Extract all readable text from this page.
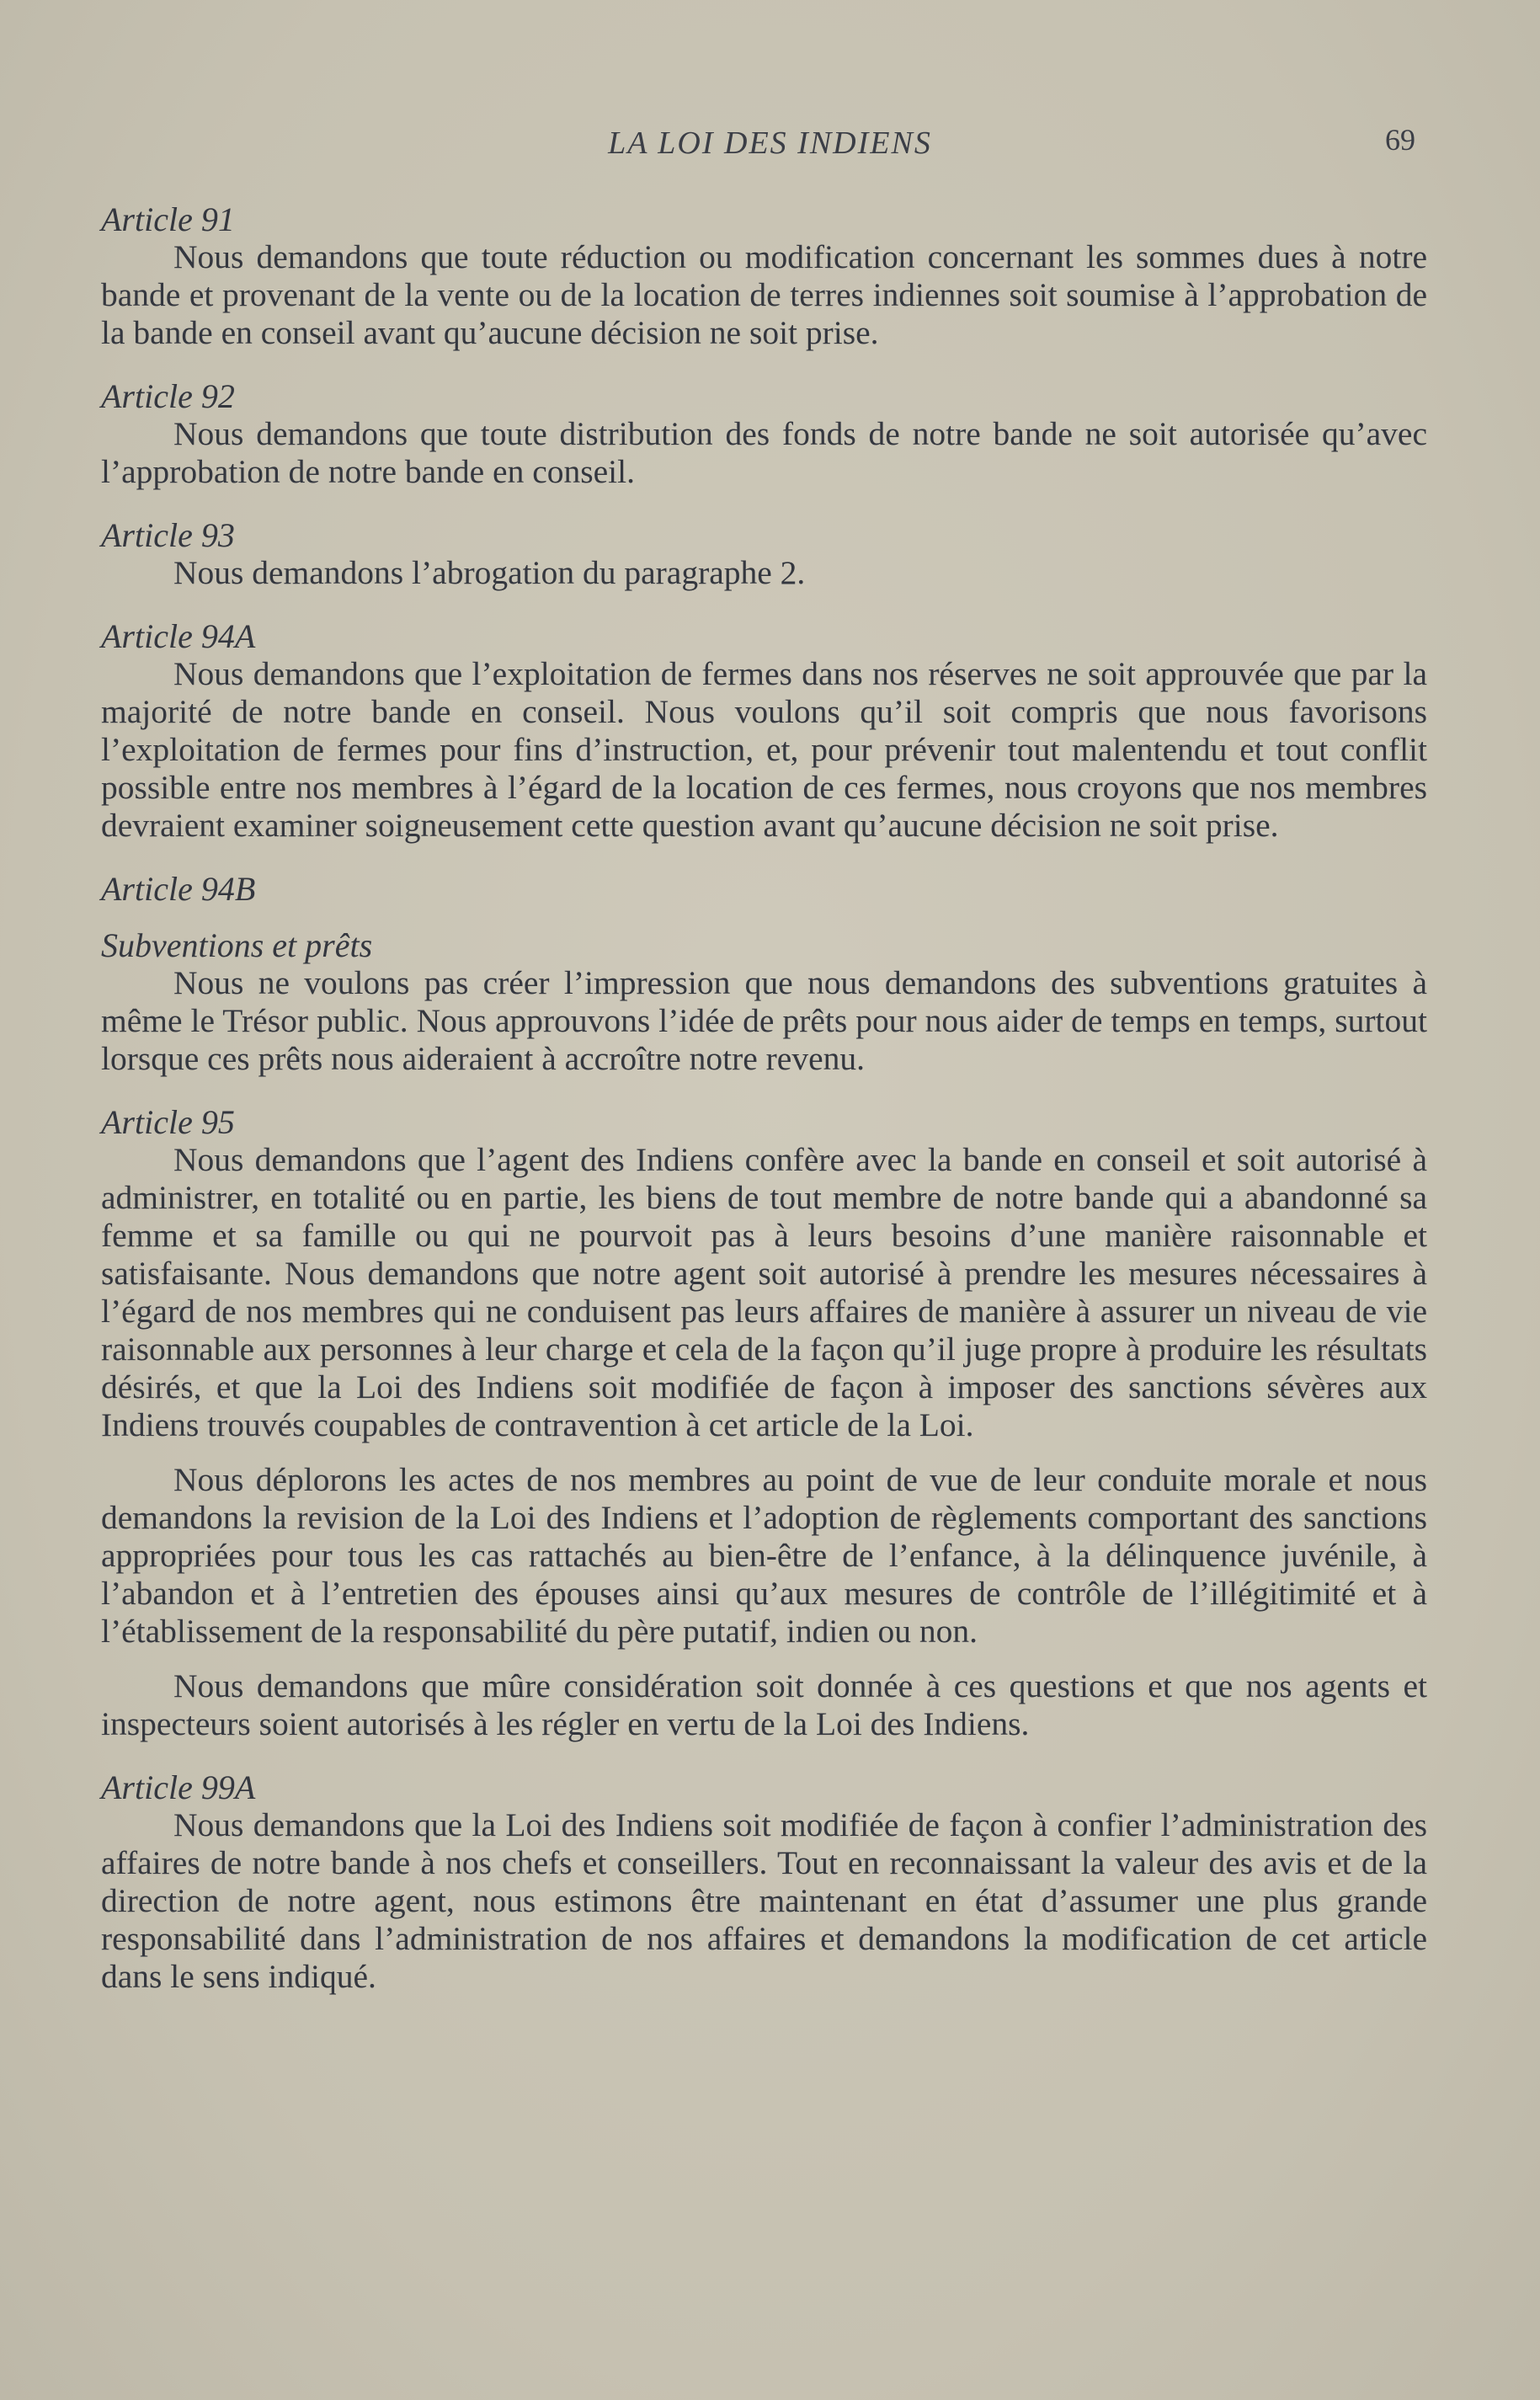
LA LOI DES INDIENS	69

Article 91

Nous demandons que toute réduction ou modification concernant les sommes dues à notre bande et provenant de la vente ou de la location de terres indiennes soit soumise à l’approbation de la bande en conseil avant qu’aucune décision ne soit prise.

Article 92

Nous demandons que toute distribution des fonds de notre bande ne soit autorisée qu’avec l’approbation de notre bande en conseil.

Article 93

Nous demandons l’abrogation du paragraphe 2.

Article 94A

Nous demandons que l’exploitation de fermes dans nos réserves ne soit approuvée que par la majorité de notre bande en conseil. Nous voulons qu’il soit compris que nous favorisons l’exploitation de fermes pour fins d’instruction, et, pour prévenir tout malentendu et tout conflit possible entre nos membres à l’égard de la location de ces fermes, nous croyons que nos membres devraient examiner soigneusement cette question avant qu’aucune décision ne soit prise.

Article 94B

Subventions et prêts

Nous ne voulons pas créer l’impression que nous demandons des subventions gratuites à même le Trésor public. Nous approuvons l’idée de prêts pour nous aider de temps en temps, surtout lorsque ces prêts nous aideraient à accroître notre revenu.

Article 95

Nous demandons que l’agent des Indiens confère avec la bande en conseil et soit autorisé à administrer, en totalité ou en partie, les biens de tout membre de notre bande qui a abandonné sa femme et sa famille ou qui ne pourvoit pas à leurs besoins d’une manière raisonnable et satisfaisante. Nous demandons que notre agent soit autorisé à prendre les mesures nécessaires à l’égard de nos membres qui ne conduisent pas leurs affaires de manière à assurer un niveau de vie raisonnable aux personnes à leur charge et cela de la façon qu’il juge propre à produire les résultats désirés, et que la Loi des Indiens soit modifiée de façon à imposer des sanctions sévères aux Indiens trouvés coupables de contravention à cet article de la Loi.

Nous déplorons les actes de nos membres au point de vue de leur conduite morale et nous demandons la revision de la Loi des Indiens et l’adoption de règlements comportant des sanctions appropriées pour tous les cas rattachés au bien-être de l’enfance, à la délinquence juvénile, à l’abandon et à l’entretien des épouses ainsi qu’aux mesures de contrôle de l’illégitimité et à l’établissement de la responsabilité du père putatif, indien ou non.

Nous demandons que mûre considération soit donnée à ces questions et que nos agents et inspecteurs soient autorisés à les régler en vertu de la Loi des Indiens.

Article 99A

Nous demandons que la Loi des Indiens soit modifiée de façon à confier l’administration des affaires de notre bande à nos chefs et conseillers. Tout en reconnaissant la valeur des avis et de la direction de notre agent, nous estimons être maintenant en état d’assumer une plus grande responsabilité dans l’administration de nos affaires et demandons la modification de cet article dans le sens indiqué.
